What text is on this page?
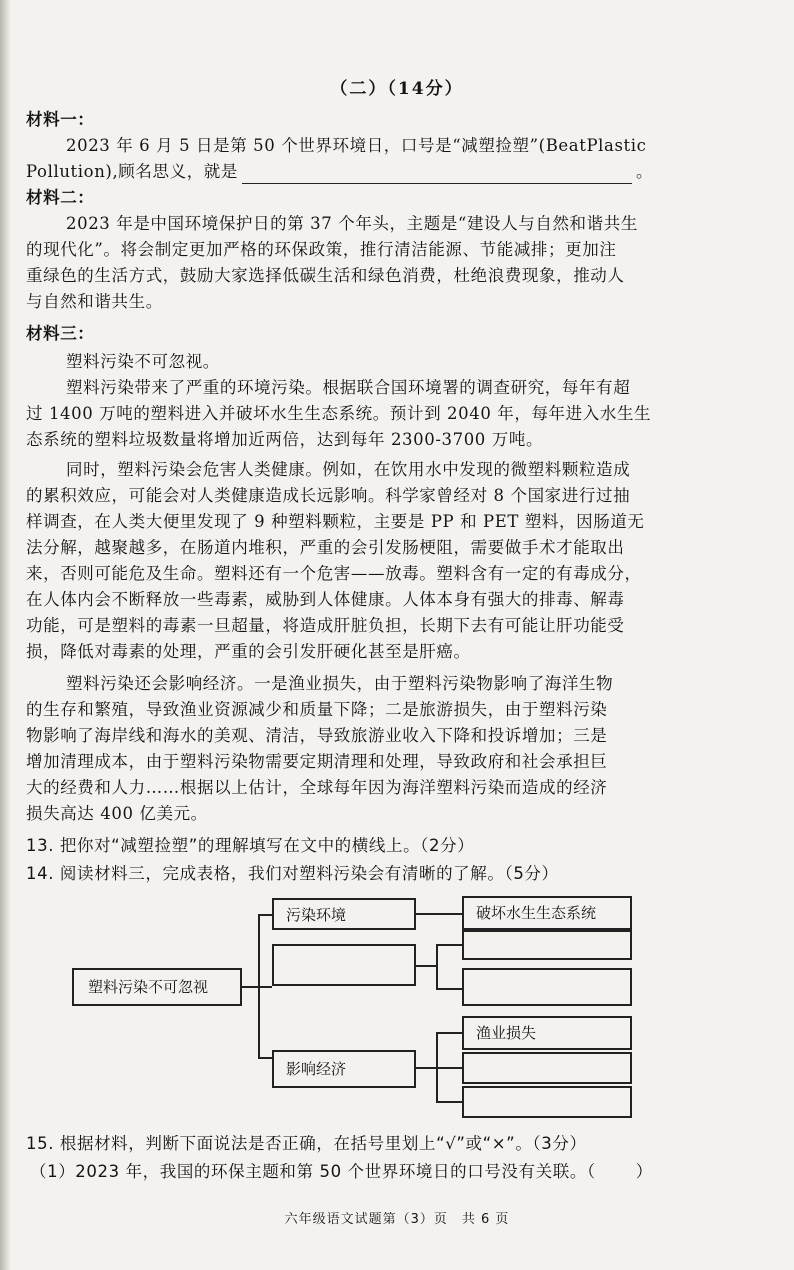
（二）（14分）
材料一：
2023 年 6 月 5 日是第 50 个世界环境日，口号是“减塑捡塑”(BeatPlastic
Pollution),顾名思义，就是	。
材料二：
2023 年是中国环境保护日的第 37 个年头，主题是“建设人与自然和谐共生
的现代化”。将会制定更加严格的环保政策，推行清洁能源、节能减排；更加注
重绿色的生活方式，鼓励大家选择低碳生活和绿色消费，杜绝浪费现象，推动人
与自然和谐共生。
材料三：
塑料污染不可忽视。
塑料污染带来了严重的环境污染。根据联合国环境署的调查研究，每年有超
过 1400 万吨的塑料进入并破坏水生生态系统。预计到 2040 年，每年进入水生生
态系统的塑料垃圾数量将增加近两倍，达到每年 2300-3700 万吨。
同时，塑料污染会危害人类健康。例如，在饮用水中发现的微塑料颗粒造成
的累积效应，可能会对人类健康造成长远影响。科学家曾经对 8 个国家进行过抽
样调查，在人类大便里发现了 9 种塑料颗粒，主要是 PP 和 PET 塑料，因肠道无
法分解，越聚越多，在肠道内堆积，严重的会引发肠梗阻，需要做手术才能取出
来，否则可能危及生命。塑料还有一个危害——放毒。塑料含有一定的有毒成分，
在人体内会不断释放一些毒素，威胁到人体健康。人体本身有强大的排毒、解毒
功能，可是塑料的毒素一旦超量，将造成肝脏负担，长期下去有可能让肝功能受
损，降低对毒素的处理，严重的会引发肝硬化甚至是肝癌。
塑料污染还会影响经济。一是渔业损失，由于塑料污染物影响了海洋生物
的生存和繁殖，导致渔业资源减少和质量下降；二是旅游损失，由于塑料污染
物影响了海岸线和海水的美观、清洁，导致旅游业收入下降和投诉增加；三是
增加清理成本，由于塑料污染物需要定期清理和处理，导致政府和社会承担巨
大的经费和人力……根据以上估计，全球每年因为海洋塑料污染而造成的经济
损失高达 400 亿美元。
13. 把你对“减塑捡塑”的理解填写在文中的横线上。（2分）
14. 阅读材料三，完成表格，我们对塑料污染会有清晰的了解。（5分）
塑料污染不可忽视
污染环境	破坏水生生态系统
影响经济
渔业损失
15. 根据材料，判断下面说法是否正确，在括号里划上“√”或“×”。（3分）
（1）2023 年，我国的环保主题和第 50 个世界环境日的口号没有关联。（ ）
六年级语文试题第（3）页　共 6 页
